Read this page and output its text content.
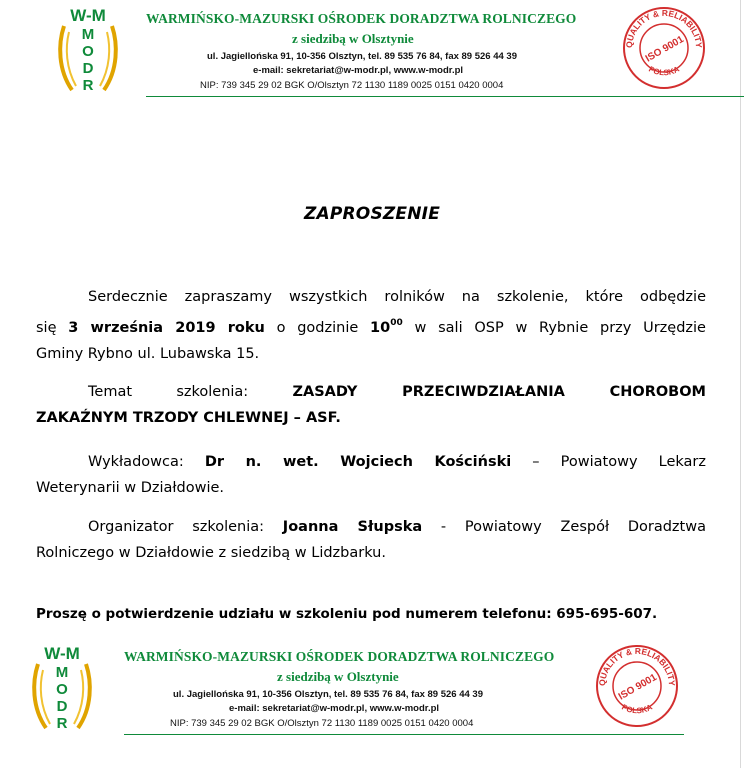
W-M
M
O
D
R
WARMIŃSKO-MAZURSKI OŚRODEK DORADZTWA ROLNICZEGO
z siedzibą w Olsztynie
ul. Jagiellońska 91, 10-356 Olsztyn, tel. 89 535 76 84, fax 89 526 44 39
e-mail: sekretariat@w-modr.pl, www.w-modr.pl
NIP: 739 345 29 02 BGK O/Olsztyn 72 1130 1189 0025 0151 0420 0004
QUALITY & RELIABILITY
POLSKA
ISO 9001
ZAPROSZENIE
Serdecznie zapraszamy wszystkich rolników na szkolenie, które odbędzie
się 3 września 2019 roku o godzinie $10^{00}$ w sali OSP w Rybnie przy Urzędzie
Gminy Rybno ul. Lubawska 15.
Temat szkolenia: ZASADY PRZECIWDZIAŁANIA CHOROBOM
ZAKAŹNYM TRZODY CHLEWNEJ – ASF.
Wykładowca: Dr n. wet. Wojciech Kościński – Powiatowy Lekarz
Weterynarii w Działdowie.
Organizator szkolenia: Joanna Słupska - Powiatowy Zespół Doradztwa
Rolniczego w Działdowie z siedzibą w Lidzbarku.
Proszę o potwierdzenie udziału w szkoleniu pod numerem telefonu: 695-695-607.
W-M
M
O
D
R
WARMIŃSKO-MAZURSKI OŚRODEK DORADZTWA ROLNICZEGO
z siedzibą w Olsztynie
ul. Jagiellońska 91, 10-356 Olsztyn, tel. 89 535 76 84, fax 89 526 44 39
e-mail: sekretariat@w-modr.pl, www.w-modr.pl
NIP: 739 345 29 02 BGK O/Olsztyn 72 1130 1189 0025 0151 0420 0004
QUALITY & RELIABILITY
POLSKA
ISO 9001
